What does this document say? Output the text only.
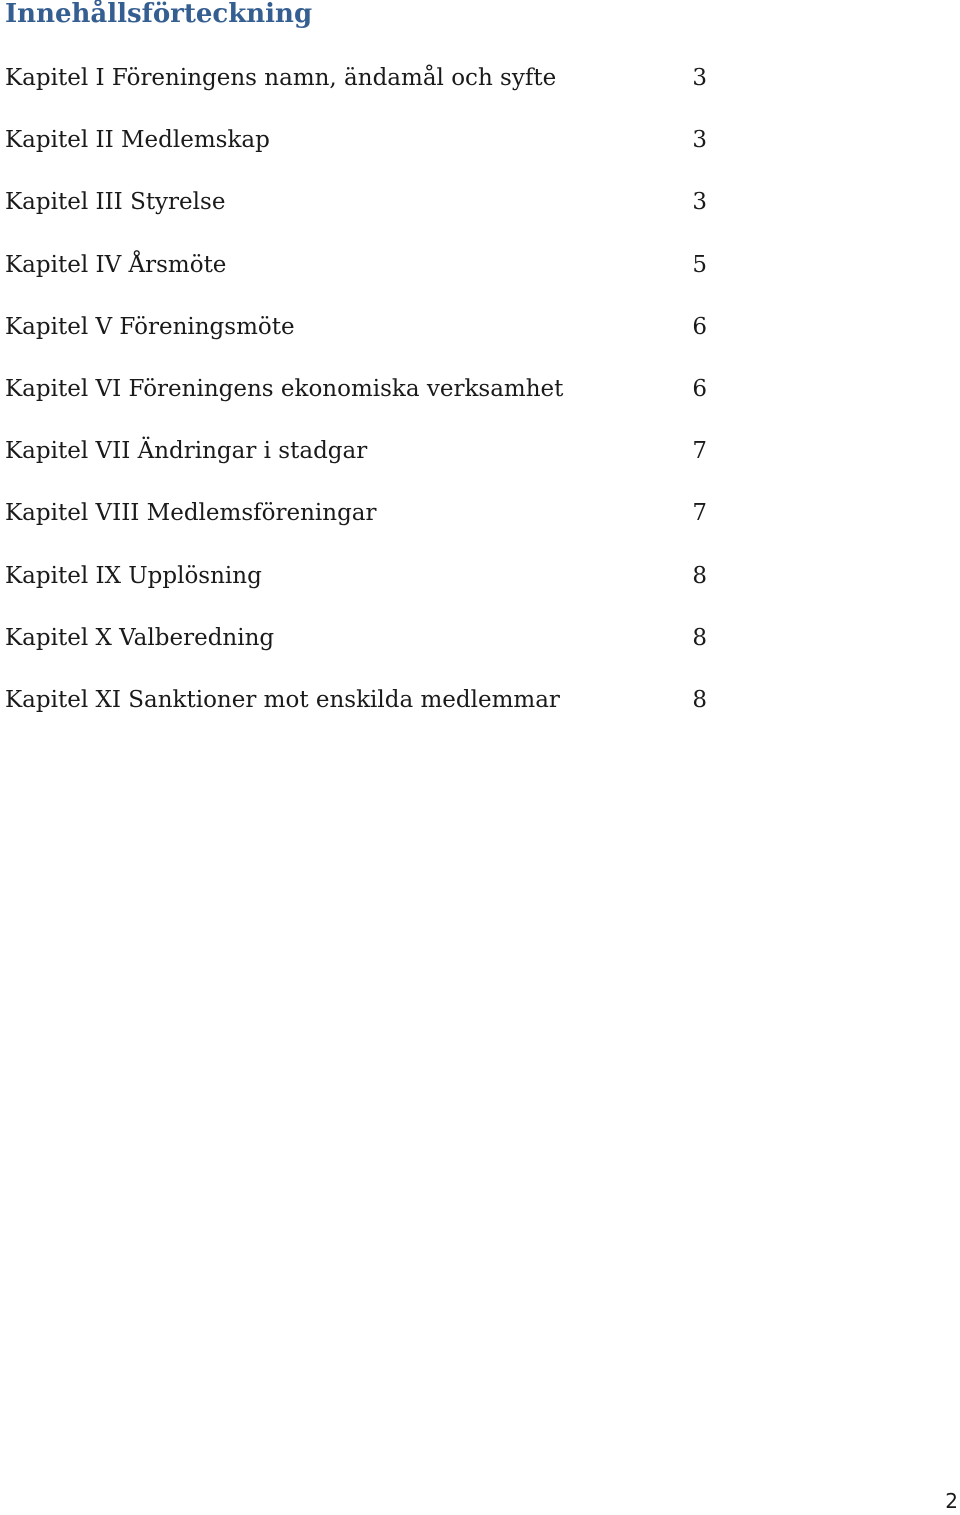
Innehållsförteckning
Kapitel I Föreningens namn, ändamål och syfte	3
Kapitel II Medlemskap	3
Kapitel III Styrelse	3
Kapitel IV Årsmöte	5
Kapitel V Föreningsmöte	6
Kapitel VI Föreningens ekonomiska verksamhet	6
Kapitel VII Ändringar i stadgar	7
Kapitel VIII Medlemsföreningar	7
Kapitel IX Upplösning	8
Kapitel X Valberedning	8
Kapitel XI Sanktioner mot enskilda medlemmar	8
2
